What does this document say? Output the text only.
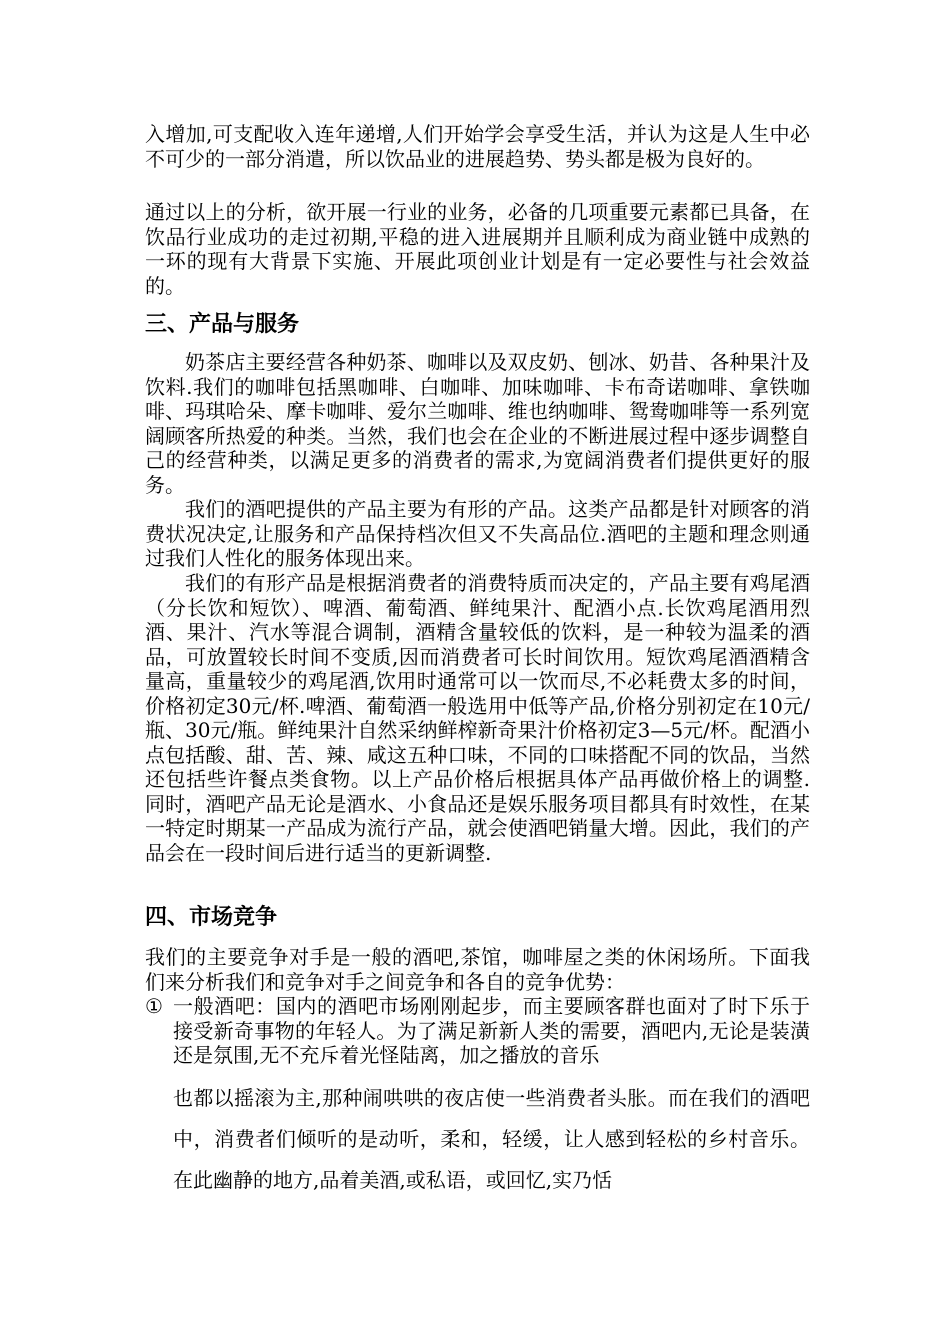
入增加,可支配收入连年递增,人们开始学会享受生活，并认为这是人生中必不可少的一部分消遣，所以饮品业的进展趋势、势头都是极为良好的。

通过以上的分析，欲开展一行业的业务，必备的几项重要元素都已具备，在饮品行业成功的走过初期,平稳的进入进展期并且顺利成为商业链中成熟的一环的现有大背景下实施、开展此项创业计划是有一定必要性与社会效益的。

三、产品与服务

奶茶店主要经营各种奶茶、咖啡以及双皮奶、刨冰、奶昔、各种果汁及饮料.我们的咖啡包括黑咖啡、白咖啡、加味咖啡、卡布奇诺咖啡、拿铁咖啡、玛琪哈朵、摩卡咖啡、爱尔兰咖啡、维也纳咖啡、鸳鸯咖啡等一系列宽阔顾客所热爱的种类。当然，我们也会在企业的不断进展过程中逐步调整自己的经营种类，以满足更多的消费者的需求,为宽阔消费者们提供更好的服务。

我们的酒吧提供的产品主要为有形的产品。这类产品都是针对顾客的消费状况决定,让服务和产品保持档次但又不失高品位.酒吧的主题和理念则通过我们人性化的服务体现出来。

我们的有形产品是根据消费者的消费特质而决定的，产品主要有鸡尾酒（分长饮和短饮）、啤酒、葡萄酒、鲜纯果汁、配酒小点.长饮鸡尾酒用烈酒、果汁、汽水等混合调制，酒精含量较低的饮料，是一种较为温柔的酒品，可放置较长时间不变质,因而消费者可长时间饮用。短饮鸡尾酒酒精含量高，重量较少的鸡尾酒,饮用时通常可以一饮而尽,不必耗费太多的时间，价格初定30元/杯.啤酒、葡萄酒一般选用中低等产品,价格分别初定在10元/瓶、30元/瓶。鲜纯果汁自然采纳鲜榨新奇果汁价格初定3—5元/杯。配酒小点包括酸、甜、苦、辣、咸这五种口味，不同的口味搭配不同的饮品，当然还包括些许餐点类食物。以上产品价格后根据具体产品再做价格上的调整.同时，酒吧产品无论是酒水、小食品还是娱乐服务项目都具有时效性，在某一特定时期某一产品成为流行产品，就会使酒吧销量大增。因此，我们的产品会在一段时间后进行适当的更新调整.

四、市场竞争

我们的主要竞争对手是一般的酒吧,茶馆，咖啡屋之类的休闲场所。下面我们来分析我们和竞争对手之间竞争和各自的竞争优势：

① 一般酒吧：国内的酒吧市场刚刚起步，而主要顾客群也面对了时下乐于接受新奇事物的年轻人。为了满足新新人类的需要，酒吧内,无论是装潢还是氛围,无不充斥着光怪陆离，加之播放的音乐
也都以摇滚为主,那种闹哄哄的夜店使一些消费者头胀。而在我们的酒吧中，消费者们倾听的是动听，柔和，轻缓，让人感到轻松的乡村音乐。在此幽静的地方,品着美酒,或私语，或回忆,实乃恬
